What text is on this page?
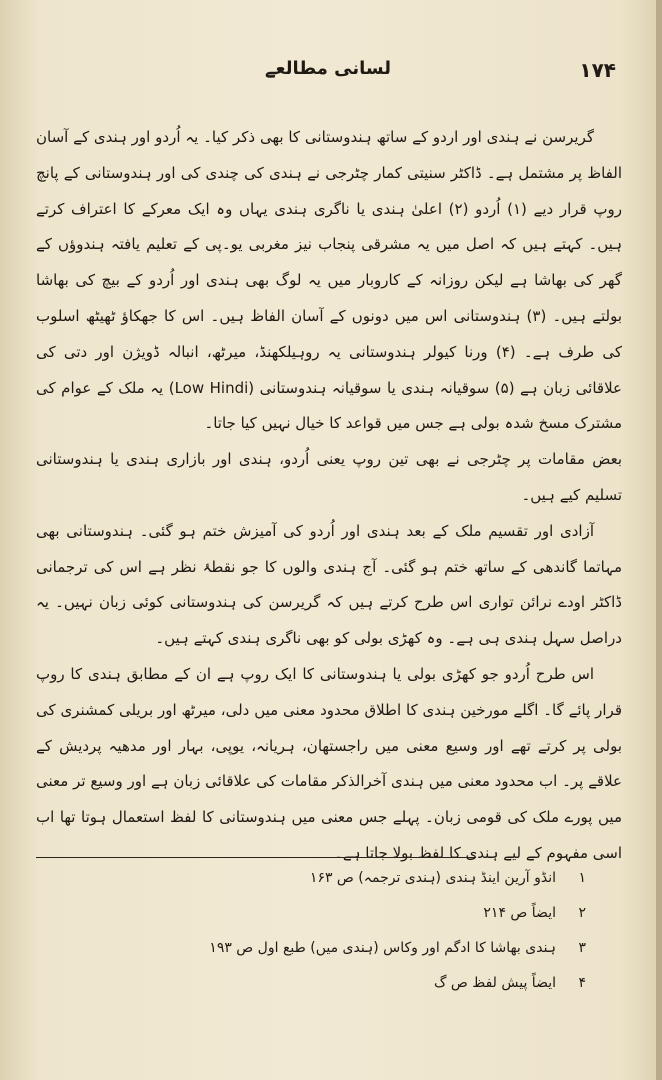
۱۷۴
لسانی مطالعے

گریرسن نے ہندی اور اردو کے ساتھ ہندوستانی کا بھی ذکر کیا۔ یہ اُردو اور ہندی کے آسان الفاظ پر مشتمل ہے۔ ڈاکٹر سنیتی کمار چٹرجی نے ہندی کی چندی کی اور ہندوستانی کے پانچ روپ قرار دیے (۱) اُردو (۲) اعلیٰ ہندی یا ناگری ہندی یہاں وہ ایک معرکے کا اعتراف کرتے ہیں۔ کہتے ہیں کہ اصل میں یہ مشرقی پنجاب نیز مغربی یو۔پی کے تعلیم یافتہ ہندوؤں کے گھر کی بھاشا ہے لیکن روزانہ کے کاروبار میں یہ لوگ بھی ہندی اور اُردو کے بیچ کی بھاشا بولتے ہیں۔ (۳) ہندوستانی اس میں دونوں کے آسان الفاظ ہیں۔ اس کا جھکاؤ ٹھیٹھ اسلوب کی طرف ہے۔ (۴) ورنا کیولر ہندوستانی یہ روہیلکھنڈ، میرٹھ، انبالہ ڈویژن اور دتی کی علاقائی زبان ہے (۵) سوقیانہ ہندی یا سوقیانہ ہندوستانی (Low Hindi) یہ ملک کے عوام کی مشترک مسخ شدہ بولی ہے جس میں قواعد کا خیال نہیں کیا جاتا۔

بعض مقامات پر چٹرجی نے بھی تین روپ یعنی اُردو، ہندی اور بازاری ہندی یا ہندوستانی تسلیم کیے ہیں۔

آزادی اور تقسیم ملک کے بعد ہندی اور اُردو کی آمیزش ختم ہو گئی۔ ہندوستانی بھی مہاتما گاندھی کے ساتھ ختم ہو گئی۔ آج ہندی والوں کا جو نقطۂ نظر ہے اس کی ترجمانی ڈاکٹر اودے نرائن تواری اس طرح کرتے ہیں کہ گریرسن کی ہندوستانی کوئی زبان نہیں۔ یہ دراصل سہل ہندی ہی ہے۔ وہ کھڑی بولی کو بھی ناگری ہندی کہتے ہیں۔

اس طرح اُردو جو کھڑی بولی یا ہندوستانی کا ایک روپ ہے ان کے مطابق ہندی کا روپ قرار پائے گا۔ اگلے مورخین ہندی کا اطلاق محدود معنی میں دلی، میرٹھ اور بریلی کمشنری کی بولی پر کرتے تھے اور وسیع معنی میں راجستھان، ہریانہ، یوپی، بہار اور مدھیہ پردیش کے علاقے پر۔ اب محدود معنی میں ہندی آخرالذکر مقامات کی علاقائی زبان ہے اور وسیع تر معنی میں پورے ملک کی قومی زبان۔ پہلے جس معنی میں ہندوستانی کا لفظ استعمال ہوتا تھا اب اسی مفہوم کے لیے ہندی کا لفظ بولا جاتا ہے۔

۱
انڈو آرین اینڈ ہندی (ہندی ترجمہ) ص ۱۶۳
۲
ایضاً ص ۲۱۴
۳
ہندی بھاشا کا ادگم اور وکاس (ہندی میں) طبع اول ص ۱۹۳
۴
ایضاً پیش لفظ ص گ
